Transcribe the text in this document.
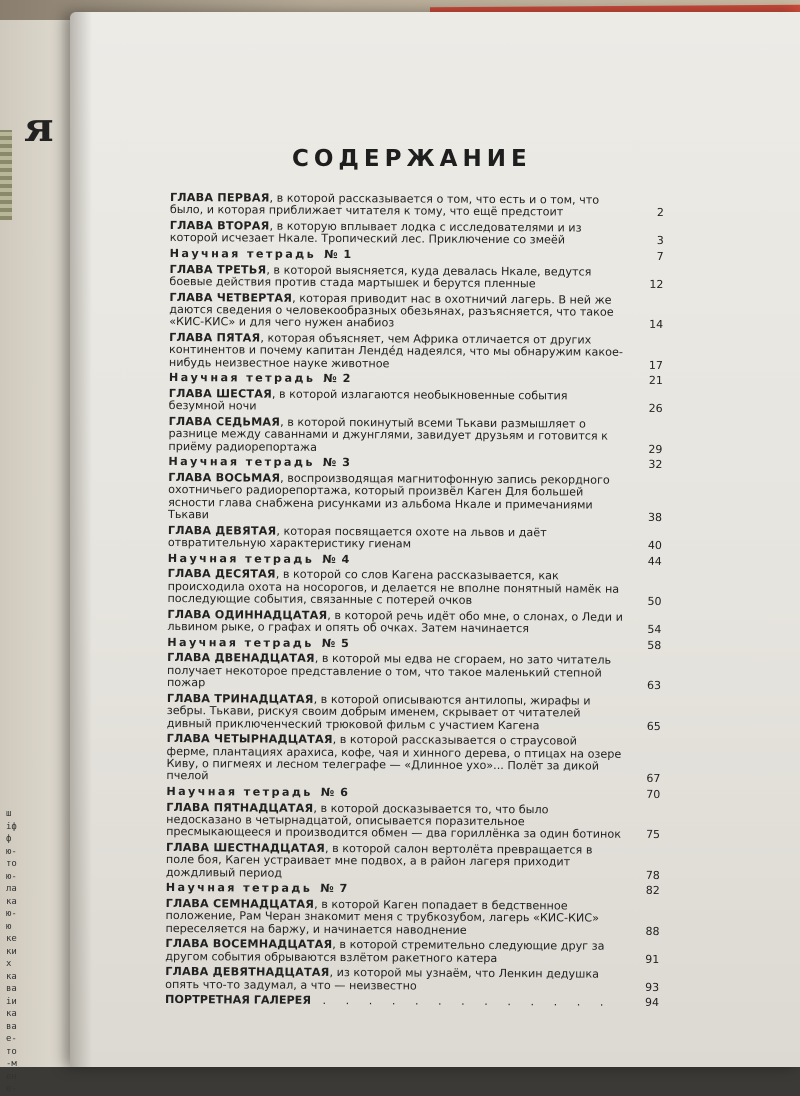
я
ш
іф
ф
ю-
то
ю-
ла
ка
ю-
ю
ке
ких
ка
ва
іи
ка
ва
е-
то
-м
ен
е-
СОДЕРЖАНИЕ
ГЛАВА ПЕРВАЯ, в которой рассказывается о том, что есть и о том, что было, и которая приближает читателя к тому, что ещё предстоит	2
ГЛАВА ВТОРАЯ, в которую вплывает лодка с исследователями и из которой исчезает Нкале. Тропический лес. Приключение со змеёй	3
Научная тетрадь № 1	7
ГЛАВА ТРЕТЬЯ, в которой выясняется, куда девалась Нкале, ведутся боевые действия против стада мартышек и берутся пленные	12
ГЛАВА ЧЕТВЕРТАЯ, которая приводит нас в охотничий лагерь. В ней же даются сведения о человекообразных обезьянах, разъясняется, что такое «КИС-КИС» и для чего нужен анабиоз	14
ГЛАВА ПЯТАЯ, которая объясняет, чем Африка отличается от других континентов и почему капитан Ленде́д надеялся, что мы обнаружим какое-нибудь неизвестное науке животное	17
Научная тетрадь № 2	21
ГЛАВА ШЕСТАЯ, в которой излагаются необыкновенные события безумной ночи	26
ГЛАВА СЕДЬМАЯ, в которой покинутый всеми Тькави размышляет о разнице между саваннами и джунглями, завидует друзьям и готовится к приёму радиорепортажа	29
Научная тетрадь № 3	32
ГЛАВА ВОСЬМАЯ, воспроизводящая магнитофонную запись рекордного охотничьего радиорепортажа, который произвёл Каген Для большей ясности глава снабжена рисунками из альбома Нкале и примечаниями Тькави	38
ГЛАВА ДЕВЯТАЯ, которая посвящается охоте на львов и даёт отвратительную характеристику гиенам	40
Научная тетрадь № 4	44
ГЛАВА ДЕСЯТАЯ, в которой со слов Кагена рассказывается, как происходила охота на носорогов, и делается не вполне понятный намёк на последующие события, связанные с потерей очков	50
ГЛАВА ОДИННАДЦАТАЯ, в которой речь идёт обо мне, о слонах, о Леди и львином рыке, о графах и опять об очках. Затем начинается	54
Научная тетрадь № 5	58
ГЛАВА ДВЕНАДЦАТАЯ, в которой мы едва не сгораем, но зато читатель получает некоторое представление о том, что такое маленький степной пожар	63
ГЛАВА ТРИНАДЦАТАЯ, в которой описываются антилопы, жирафы и зебры. Тькави, рискуя своим добрым именем, скрывает от читателей дивный приключенческий трюковой фильм с участием Кагена	65
ГЛАВА ЧЕТЫРНАДЦАТАЯ, в которой рассказывается о страусовой ферме, плантациях арахиса, кофе, чая и хинного дерева, о птицах на озере Киву, о пигмеях и лесном телеграфе — «Длинное ухо»... Полёт за дикой пчелой	67
Научная тетрадь № 6	70
ГЛАВА ПЯТНАДЦАТАЯ, в которой досказывается то, что было недосказано в четырнадцатой, описывается поразительное пресмыкающееся и производится обмен — два гориллёнка за один ботинок 75
ГЛАВА ШЕСТНАДЦАТАЯ, в которой салон вертолёта превращается в поле боя, Каген устраивает мне подвох, а в район лагеря приходит дождливый период	78
Научная тетрадь № 7	82
ГЛАВА СЕМНАДЦАТАЯ, в которой Каген попадает в бедственное положение, Рам Черан знакомит меня с трубкозубом, лагерь «КИС-КИС» переселяется на баржу, и начинается наводнение	88
ГЛАВА ВОСЕМНАДЦАТАЯ, в которой стремительно следующие друг за другом события обрываются взлётом ракетного катера	91
ГЛАВА ДЕВЯТНАДЦАТАЯ, из которой мы узнаём, что Ленкин дедушка опять что-то задумал, а что — неизвестно	93
ПОРТРЕТНАЯ ГАЛЕРЕЯ . . . . . . . . . . . . .	94
